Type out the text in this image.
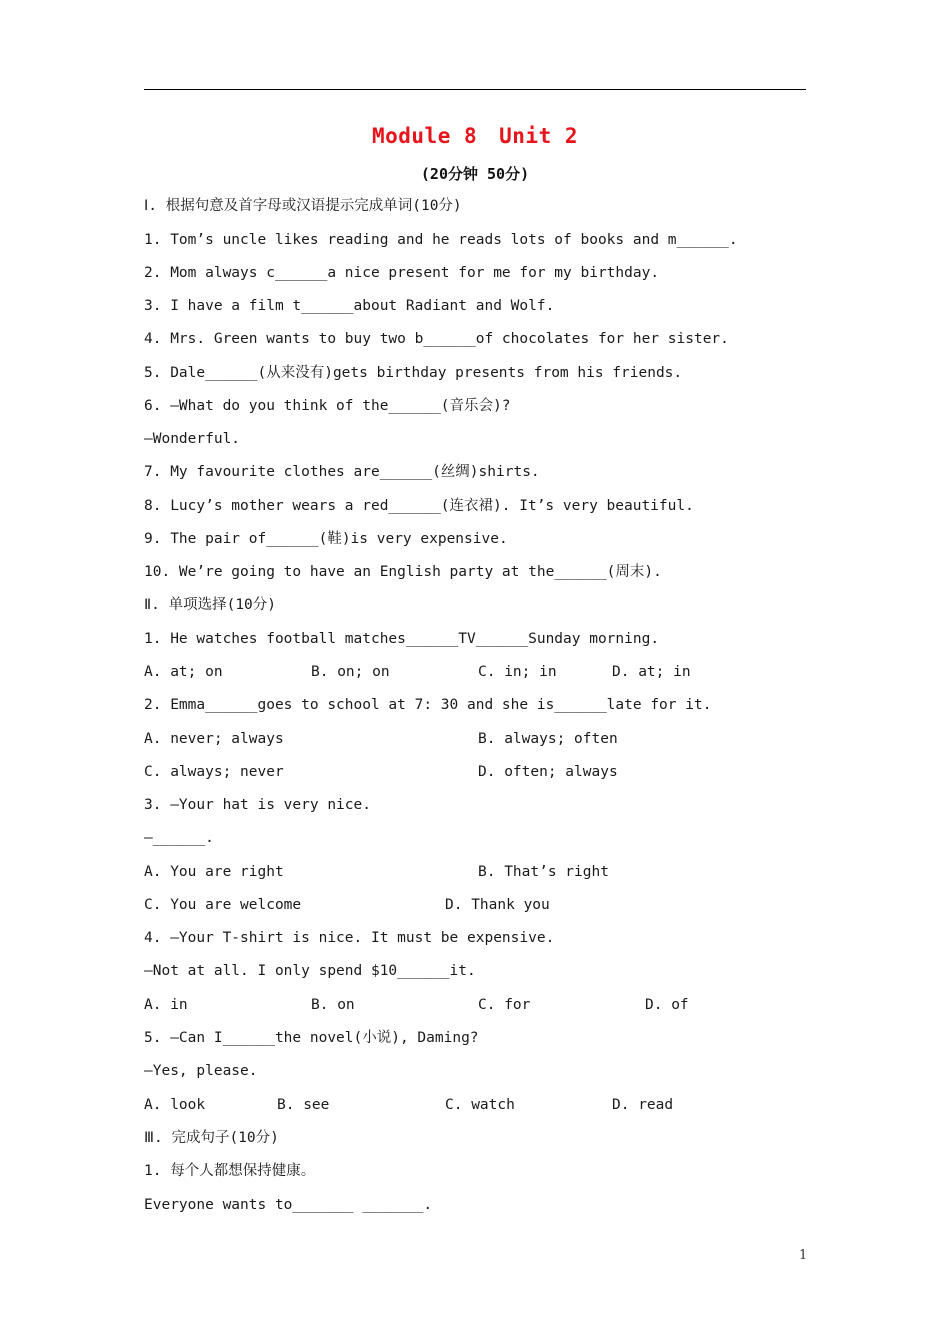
Module 8 Unit 2
(20分钟 50分)
Ⅰ. 根据句意及首字母或汉语提示完成单词(10分)
1. Tom’s uncle likes reading and he reads lots of books and m______.
2. Mom always c______a nice present for me for my birthday.
3. I have a film t______about Radiant and Wolf.
4. Mrs. Green wants to buy two b______of chocolates for her sister.
5. Dale______(从来没有)gets birthday presents from his friends.
6. —What do you think of the______(音乐会)?
—Wonderful.
7. My favourite clothes are______(丝绸)shirts.
8. Lucy’s mother wears a red______(连衣裙). It’s very beautiful.
9. The pair of______(鞋)is very expensive.
10. We’re going to have an English party at the______(周末).
Ⅱ. 单项选择(10分)
1. He watches football matches______TV______Sunday morning.
A. at; on	B. on; on	C. in; in	D. at; in
2. Emma______goes to school at 7: 30 and she is______late for it.
A. never; always	B. always; often
C. always; never	D. often; always
3. —Your hat is very nice.
—______.
A. You are right	B. That’s right
C. You are welcome	D. Thank you
4. —Your T-shirt is nice. It must be expensive.
—Not at all. I only spend $10______it.
A. in	B. on	C. for	D. of
5. —Can I______the novel(小说), Daming?
—Yes, please.
A. look	B. see	C. watch	D. read
Ⅲ. 完成句子(10分)
1. 每个人都想保持健康。
Everyone wants to_______ _______.
1
